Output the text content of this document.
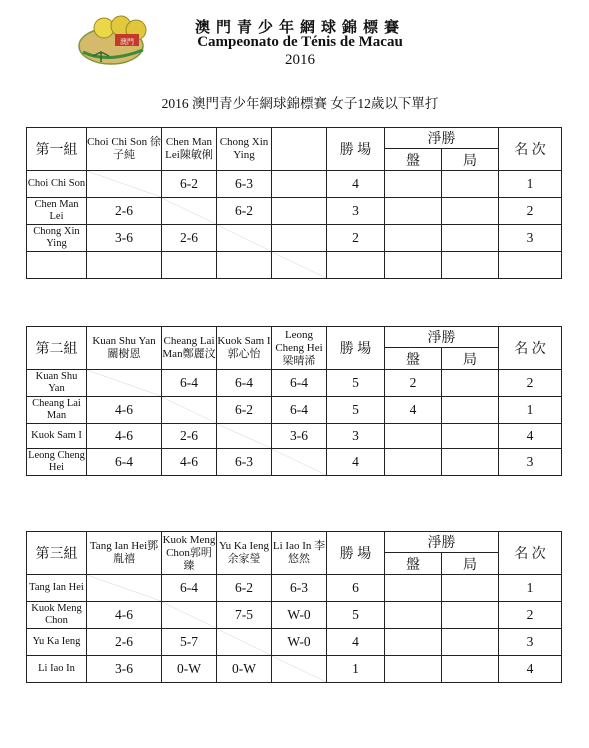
澳門
澳門青少年網球錦標賽
Campeonato de Ténis de Macau
2016
2016 澳門青少年網球錦標賽 女子12歲以下單打
第一組	Choi Chi Son 徐子純	Chen Man Lei陳敏俐	Chong Xin Ying		勝 場	淨勝		名 次
						盤	局	
Choi Chi Son		6-2	6-3		4			1
Chen Man Lei	2-6		6-2		3			2
Chong Xin Ying	3-6	2-6			2			3

第二組	Kuan Shu Yan 關樹恩	Cheang Lai Man鄭麗汶	Kuok Sam I 郭心怡	Leong Cheng Hei 梁晴浠	勝 場	淨勝		名 次
						盤	局	
Kuan Shu Yan		6-4	6-4	6-4	5	2		2
Cheang Lai Man	4-6		6-2	6-4	5	4		1
Kuok Sam I	4-6	2-6		3-6	3			4
Leong Cheng Hei	6-4	4-6	6-3		4			3
第三組	Tang Ian Hei鄧胤禧	Kuok Meng Chon郭明臻	Yu Ka Ieng 余家瑩	Li Iao In 李悠然	勝 場	淨勝		名 次
						盤	局	
Tang Ian Hei		6-4	6-2	6-3	6			1
Kuok Meng Chon	4-6		7-5	W-0	5			2
Yu Ka Ieng	2-6	5-7		W-0	4			3
Li Iao In	3-6	0-W	0-W		1			4
